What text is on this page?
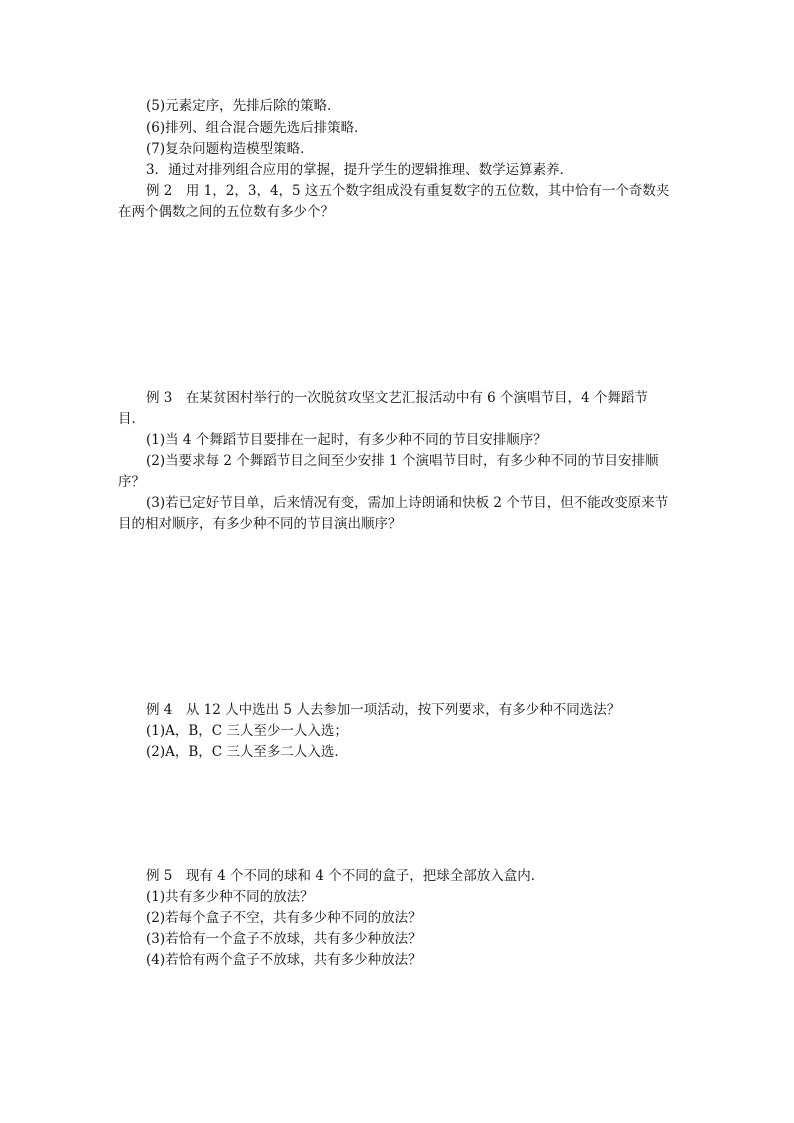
(5)元素定序，先排后除的策略．
(6)排列、组合混合题先选后排策略．
(7)复杂问题构造模型策略．
3．通过对排列组合应用的掌握，提升学生的逻辑推理、数学运算素养．
例 2　用 1，2，3，4，5 这五个数字组成没有重复数字的五位数，其中恰有一个奇数夹
在两个偶数之间的五位数有多少个？
例 3　在某贫困村举行的一次脱贫攻坚文艺汇报活动中有 6 个演唱节目，4 个舞蹈节
目．
(1)当 4 个舞蹈节目要排在一起时，有多少种不同的节目安排顺序？
(2)当要求每 2 个舞蹈节目之间至少安排 1 个演唱节目时，有多少种不同的节目安排顺
序？
(3)若已定好节目单，后来情况有变，需加上诗朗诵和快板 2 个节目，但不能改变原来节
目的相对顺序，有多少种不同的节目演出顺序？
例 4　从 12 人中选出 5 人去参加一项活动，按下列要求，有多少种不同选法？
(1)A，B，C 三人至少一人入选；
(2)A，B，C 三人至多二人入选．
例 5　现有 4 个不同的球和 4 个不同的盒子，把球全部放入盒内．
(1)共有多少种不同的放法？
(2)若每个盒子不空，共有多少种不同的放法？
(3)若恰有一个盒子不放球，共有多少种放法？
(4)若恰有两个盒子不放球，共有多少种放法？
